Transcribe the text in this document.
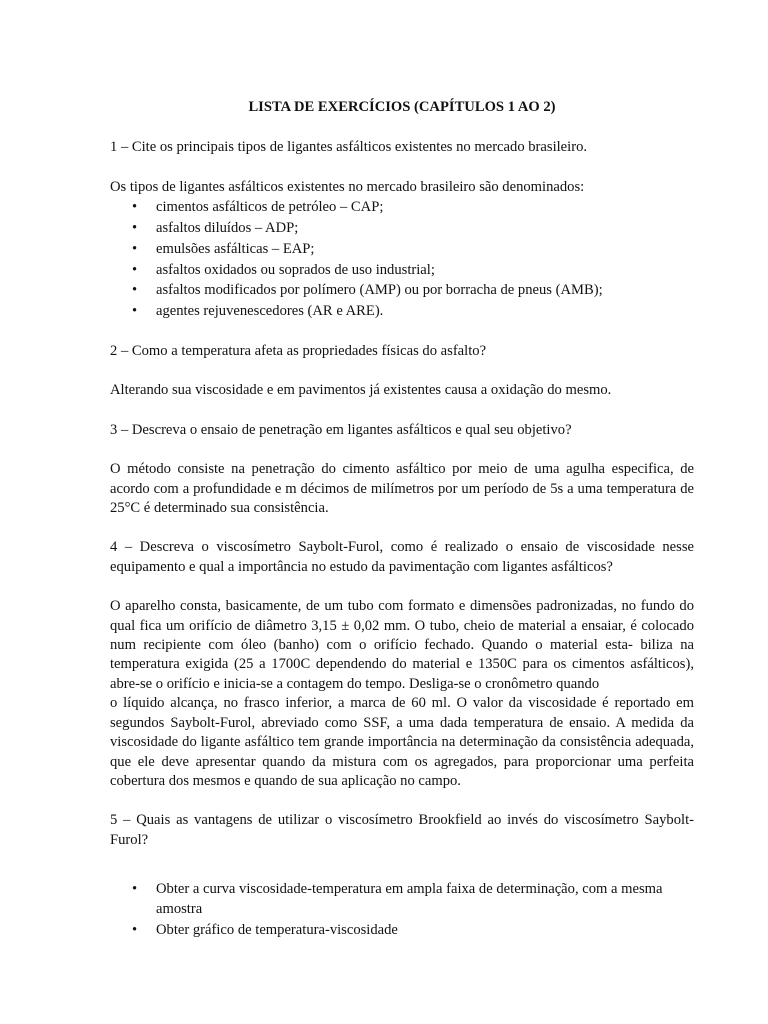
LISTA DE EXERCÍCIOS (CAPÍTULOS 1 AO 2)

1 – Cite os principais tipos de ligantes asfálticos existentes no mercado brasileiro.

Os tipos de ligantes asfálticos existentes no mercado brasileiro são denominados:

• cimentos asfálticos de petróleo – CAP;
• asfaltos diluídos – ADP;
• emulsões asfálticas – EAP;
• asfaltos oxidados ou soprados de uso industrial;
• asfaltos modificados por polímero (AMP) ou por borracha de pneus (AMB);
• agentes rejuvenescedores (AR e ARE).

2 – Como a temperatura afeta as propriedades físicas do asfalto?

Alterando sua viscosidade e em pavimentos já existentes causa a oxidação do mesmo.

3 – Descreva o ensaio de penetração em ligantes asfálticos e qual seu objetivo?

O método consiste na penetração do cimento asfáltico por meio de uma agulha especifica, de acordo com a profundidade e m décimos de milímetros por um período de 5s a uma temperatura de 25°C é determinado sua consistência.

4 – Descreva o viscosímetro Saybolt-Furol, como é realizado o ensaio de viscosidade nesse equipamento e qual a importância no estudo da pavimentação com ligantes asfálticos?

O aparelho consta, basicamente, de um tubo com formato e dimensões padronizadas, no fundo do qual fica um orifício de diâmetro 3,15 ± 0,02 mm. O tubo, cheio de material a ensaiar, é colocado num recipiente com óleo (banho) com o orifício fechado. Quando o material esta- biliza na temperatura exigida (25 a 1700C dependendo do material e 1350C para os cimentos asfálticos), abre-se o orifício e inicia-se a contagem do tempo. Desliga-se o cronômetro quando

o líquido alcança, no frasco inferior, a marca de 60 ml. O valor da viscosidade é reportado em segundos Saybolt-Furol, abreviado como SSF, a uma dada temperatura de ensaio. A medida da viscosidade do ligante asfáltico tem grande importância na determinação da consistência adequada, que ele deve apresentar quando da mistura com os agregados, para proporcionar uma perfeita cobertura dos mesmos e quando de sua aplicação no campo.

5 – Quais as vantagens de utilizar o viscosímetro Brookfield ao invés do viscosímetro Saybolt-Furol?

• Obter a curva viscosidade-temperatura em ampla faixa de determinação, com a mesma amostra
• Obter gráfico de temperatura-viscosidade
